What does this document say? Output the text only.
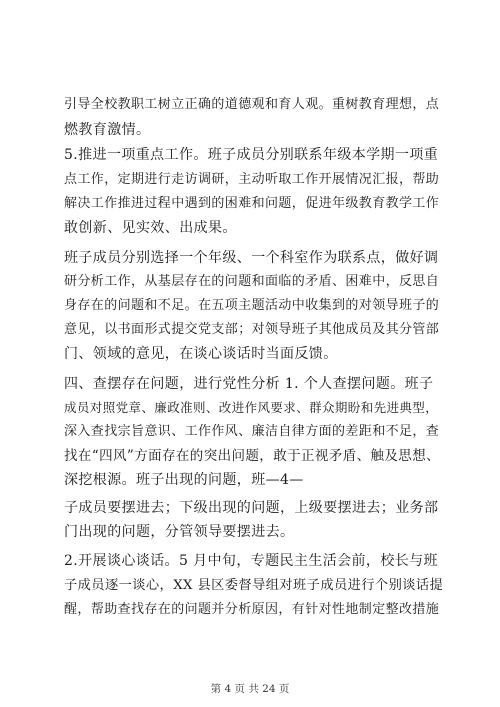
引导全校教职工树立正确的道德观和育人观。重树教育理想，点
燃教育激情。
5.推进一项重点工作。班子成员分别联系年级本学期一项重
点工作，定期进行走访调研，主动听取工作开展情况汇报，帮助
解决工作推进过程中遇到的困难和问题，促进年级教育教学工作
敢创新、见实效、出成果。
班子成员分别选择一个年级、一个科室作为联系点，做好调
研分析工作，从基层存在的问题和面临的矛盾、困难中，反思自
身存在的问题和不足。在五项主题活动中收集到的对领导班子的
意见，以书面形式提交党支部；对领导班子其他成员及其分管部
门、领域的意见，在谈心谈话时当面反馈。
四、查摆存在问题，进行党性分析 1. 个人查摆问题。班子
成员对照党章、廉政准则、改进作风要求、群众期盼和先进典型，
深入查找宗旨意识、工作作风、廉洁自律方面的差距和不足，查
找在“四风”方面存在的突出问题，敢于正视矛盾、触及思想、
深挖根源。班子出现的问题，班—4—
子成员要摆进去；下级出现的问题，上级要摆进去；业务部
门出现的问题，分管领导要摆进去。
2.开展谈心谈话。5 月中旬，专题民主生活会前，校长与班
子成员逐一谈心，XX 县区委督导组对班子成员进行个别谈话提
醒，帮助查找存在的问题并分析原因，有针对性地制定整改措施
第 4 页 共 24 页
